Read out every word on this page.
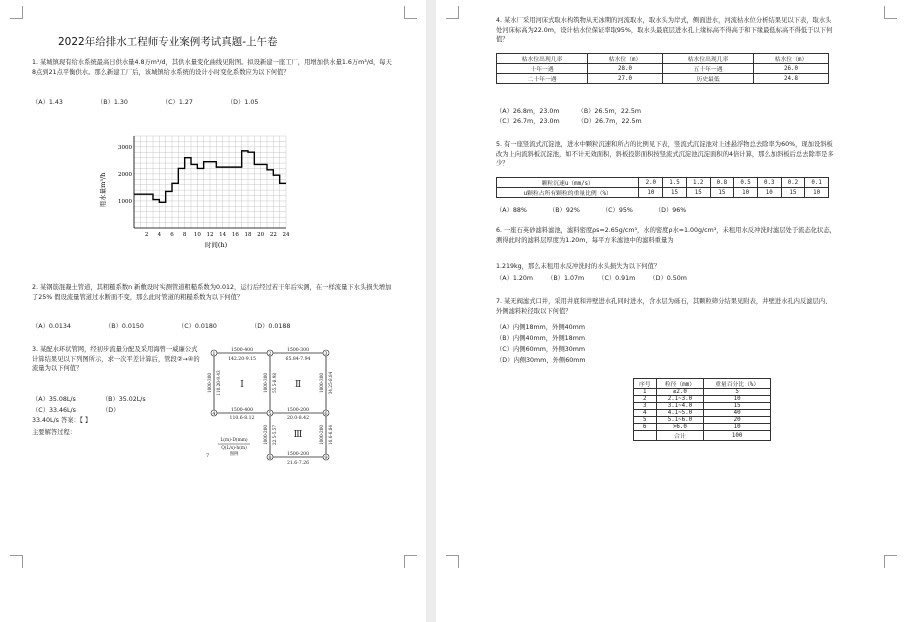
2022年给排水工程师专业案例考试真题-上午卷

1. 某城镇现有给水系统最高日供水量4.8万m³/d，其供水量变化曲线见附图。拟设新建一座工厂，用增加供水量1.6万m³/d，每天8点到21点平衡供水。那么新建工厂后，该城镇给水系统的设计小时变化系数应为以下何值？

（A）1.43	（B）1.30	（C）1.27	（D）1.05
2 4 6 8 10 12 14 16 18 20 22 24
1000
2000
3000
用水量m³/h
时间(h)

2. 某钢筋混凝土管道，其粗糙系数n 新敷设时实测管道粗糙系数为0.012，运行后经过若干年后实测，在一样流量下水头损失增加了25% 假设流量管道过水断面不变，那么此时管道的粗糙系数为以下何值？

（A）0.0134	（B）0.0150	（C）0.0180	（D）0.0188

3. 某配水环状管网，经初步流量分配及采用海曾一威廉公式计算结果见以下列图所示，求一次平差计算后，管段②→④的流量为以下何值？

（A）35.08L/s	（B）35.02L/s
（C）33.46L/s	（D）

33.40L/s 答案：【 】

主要解答过程：

1	2	3
4	5	6
7	8	9
1500-400
142.20-9.15
1500-300
65.84-7.94
1500-400
110.6-8.12
1500-200
20.0-8.42
1500-200
21.6-7.26
1000-300 110.20-9.43	1000-300 55.5-8.98	1000-300 34.25-8.84
1000-200 22.5-5.57	1000-200 16.6-6.84
Ⅰ	Ⅱ
Ⅲ
L(m)-D(mm)
Q(L/s)-h(m)
图例

4. 某水厂采用河床式取水构筑物从无冰期的河流取水，取水头为岸式，侧面进水，河流枯水位分析结果见以下表，取水头处河床标高为22.0m，设计枯水位保证率取95%，取水头最底层进水孔上缘标高不得高于和下缘最低标高不得低于以下何值？

枯水位出现几率	枯水位（m）	枯水位出现几率	枯水位（m）
十年一遇	28.0	五十年一遇	26.0
二十年一遇	27.0	历史最低	24.8
（A）26.8m，23.0m	（B）26.5m，22.5m
（C）26.7m，23.0m	（D）26.7m，22.5m

5. 有一座竖流式沉淀池，进水中颗粒沉速和所占的比例见下表，竖流式沉淀池对上述悬浮物总去除率为60%，现加设斜板改为上向流斜板沉淀池，如不计无效面积，斜板投影面积按竖流式沉淀池沉淀面积的4倍计算，那么加斜板后总去除率是多少？

颗粒沉速u（mm/s）	2.0	1.5	1.2	0.8	0.5	0.3	0.2	0.1
u颗粒占所有颗粒的重量比例（%）	10	15	15	15	10	10	15	10
（A）88%	（B）92%	（C）95%	（D）96%

6. 一座石英砂滤料滤池，滤料密度ρs=2.65g/cm³，水的密度ρ水=1.00g/cm³，未租用水反冲洗时滤层处于流态化状态，测得此时的滤料层厚度为1.20m，每平方米滤池中的滤料重量为

1.219kg，那么未租用水反冲洗时的水头损失为以下何值？

（A）1.20m （B）1.07m （C）0.91m （D）0.50m

7. 某无阀滤式口井，采用井底和井壁进水孔同时进水，含水层为砾石，其颗粒筛分结果见附表，井壁进水孔内反滤层内、外侧滤料粒径取以下何值？

（A）内侧18mm，外侧40mm

（B）内侧40mm，外侧18mm

（C）内侧60mm，外侧30mm

（D）内侧30mm，外侧60mm

序号	粒径（mm）	重量百分比（%）
1	≤2.0	5
2	2.1~3.0	10
3	3.1~4.0	15
4	4.1~5.0	40
5	5.1~6.0	20
6	>6.0	10
	合计	100
